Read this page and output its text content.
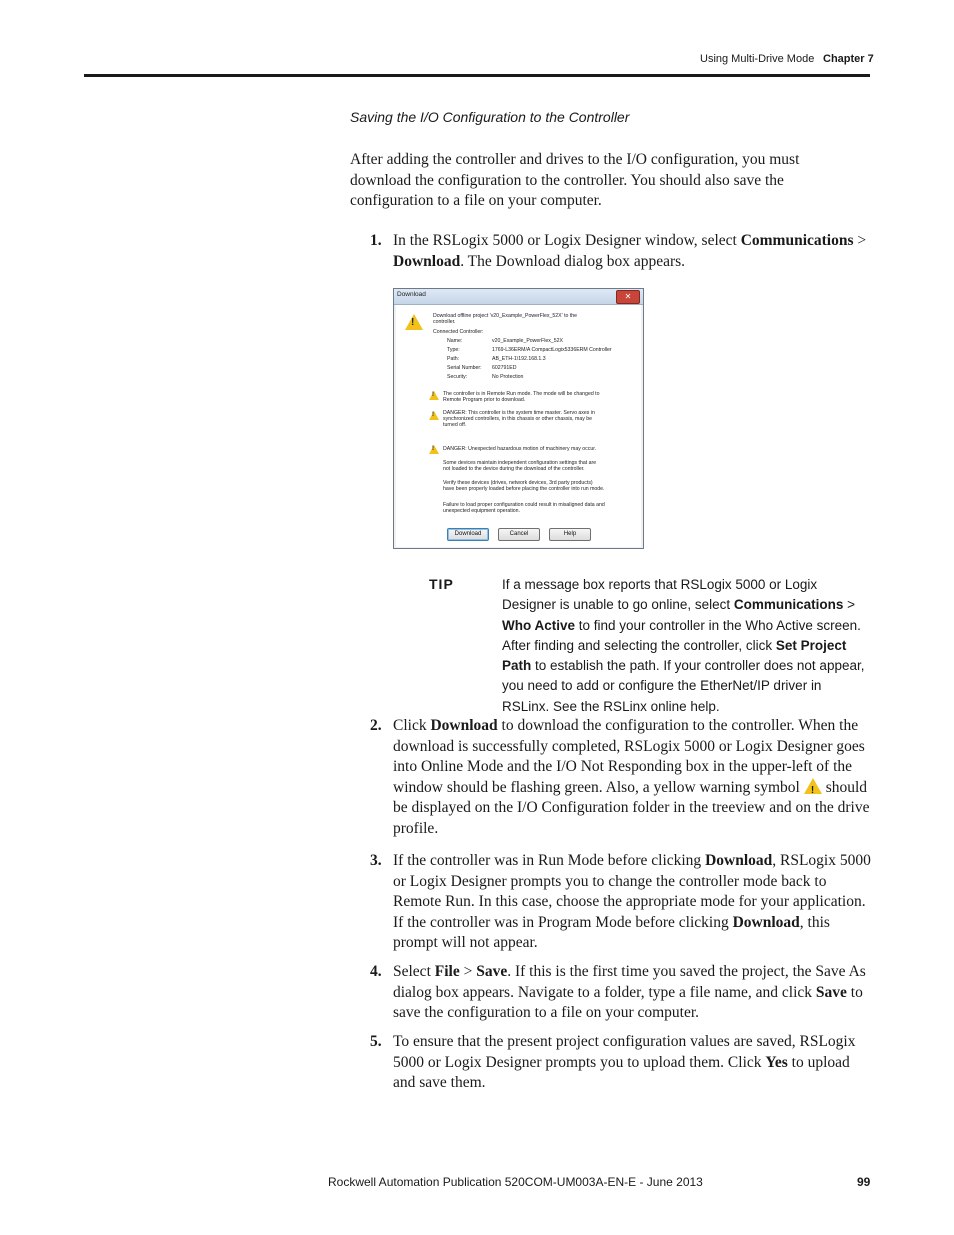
Using Multi-Drive Mode Chapter 7
Saving the I/O Configuration to the Controller
After adding the controller and drives to the I/O configuration, you must download the configuration to the controller. You should also save the configuration to a file on your computer.
1. In the RSLogix 5000 or Logix Designer window, select Communications > Download. The Download dialog box appears.
Download	✕
!
Download offline project 'v20_Example_PowerFlex_52X' to the
controller.
Connected Controller:
Name:	v20_Example_PowerFlex_52X
Type:	1769-L36ERM/A CompactLogix5336ERM Controller
Path:	AB_ETH-1\192.168.1.3
Serial Number: 602791ED
Security:	No Protection
! The controller is in Remote Run mode. The mode will be changed to
Remote Program prior to download.
! DANGER: This controller is the system time master. Servo axes in
synchronized controllers, in this chassis or other chassis, may be
turned off.
! DANGER: Unexpected hazardous motion of machinery may occur.
Some devices maintain independent configuration settings that are
not loaded to the device during the download of the controller.
Verify these devices (drives, network devices, 3rd party products)
have been properly loaded before placing the controller into run mode.
Failure to load proper configuration could result in misaligned data and
unexpected equipment operation.
Download	Cancel	Help
TIP	If a message box reports that RSLogix 5000 or Logix Designer is unable to go online, select Communications > Who Active to find your controller in the Who Active screen. After finding and selecting the controller, click Set Project Path to establish the path. If your controller does not appear, you need to add or configure the EtherNet/IP driver in RSLinx. See the RSLinx online help.
2. Click Download to download the configuration to the controller. When the download is successfully completed, RSLogix 5000 or Logix Designer goes into Online Mode and the I/O Not Responding box in the upper-left of the window should be flashing green. Also, a yellow warning symbol ! should be displayed on the I/O Configuration folder in the treeview and on the drive profile.
3. If the controller was in Run Mode before clicking Download, RSLogix 5000 or Logix Designer prompts you to change the controller mode back to Remote Run. In this case, choose the appropriate mode for your application. If the controller was in Program Mode before clicking Download, this prompt will not appear.
4. Select File > Save. If this is the first time you saved the project, the Save As dialog box appears. Navigate to a folder, type a file name, and click Save to save the configuration to a file on your computer.
5. To ensure that the present project configuration values are saved, RSLogix 5000 or Logix Designer prompts you to upload them. Click Yes to upload and save them.
Rockwell Automation Publication 520COM-UM003A-EN-E - June 2013	99
